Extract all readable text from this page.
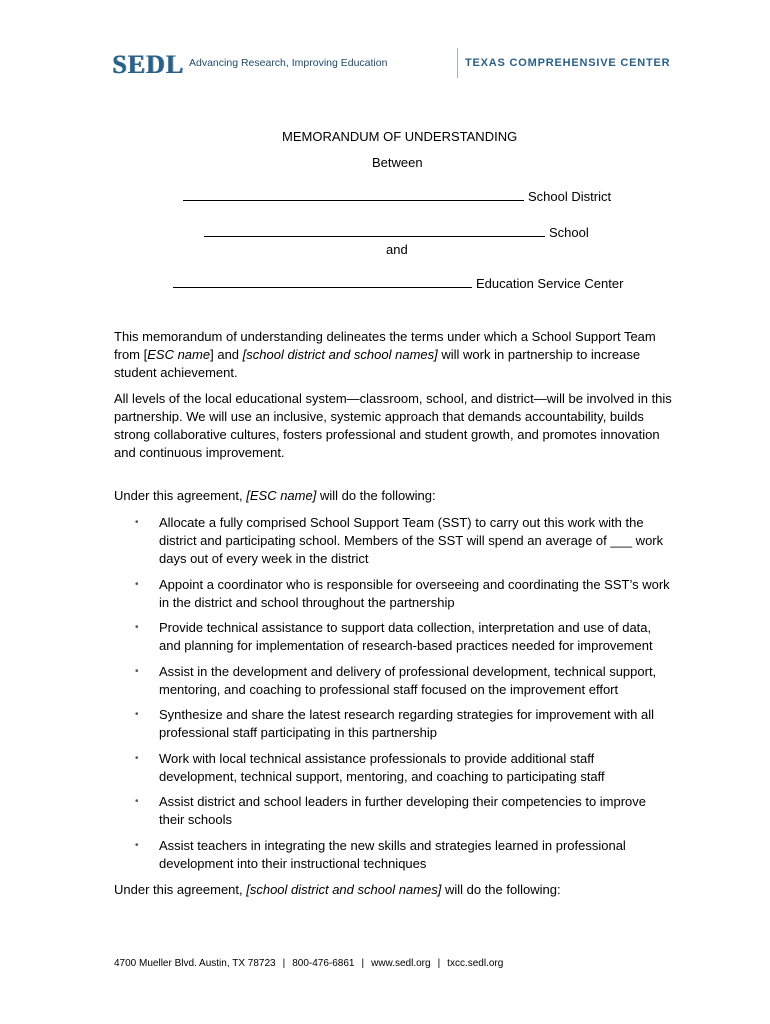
SEDL Advancing Research, Improving Education	TEXAS COMPREHENSIVE CENTER
MEMORANDUM OF UNDERSTANDING
Between
School District
School
and
Education Service Center
This memorandum of understanding delineates the terms under which a School Support Team from [ESC name] and [school district and school names] will work in partnership to increase student achievement.
All levels of the local educational system—classroom, school, and district—will be involved in this partnership. We will use an inclusive, systemic approach that demands accountability, builds strong collaborative cultures, fosters professional and student growth, and promotes innovation and continuous improvement.
Under this agreement, [ESC name] will do the following:
• Allocate a fully comprised School Support Team (SST) to carry out this work with the district and participating school. Members of the SST will spend an average of ___ work days out of every week in the district
• Appoint a coordinator who is responsible for overseeing and coordinating the SST’s work in the district and school throughout the partnership
• Provide technical assistance to support data collection, interpretation and use of data, and planning for implementation of research-based practices needed for improvement
• Assist in the development and delivery of professional development, technical support, mentoring, and coaching to professional staff focused on the improvement effort
• Synthesize and share the latest research regarding strategies for improvement with all professional staff participating in this partnership
• Work with local technical assistance professionals to provide additional staff development, technical support, mentoring, and coaching to participating staff
• Assist district and school leaders in further developing their competencies to improve their schools
• Assist teachers in integrating the new skills and strategies learned in professional development into their instructional techniques
Under this agreement, [school district and school names] will do the following:
4700 Mueller Blvd. Austin, TX 78723 | 800-476-6861 | www.sedl.org | txcc.sedl.org
